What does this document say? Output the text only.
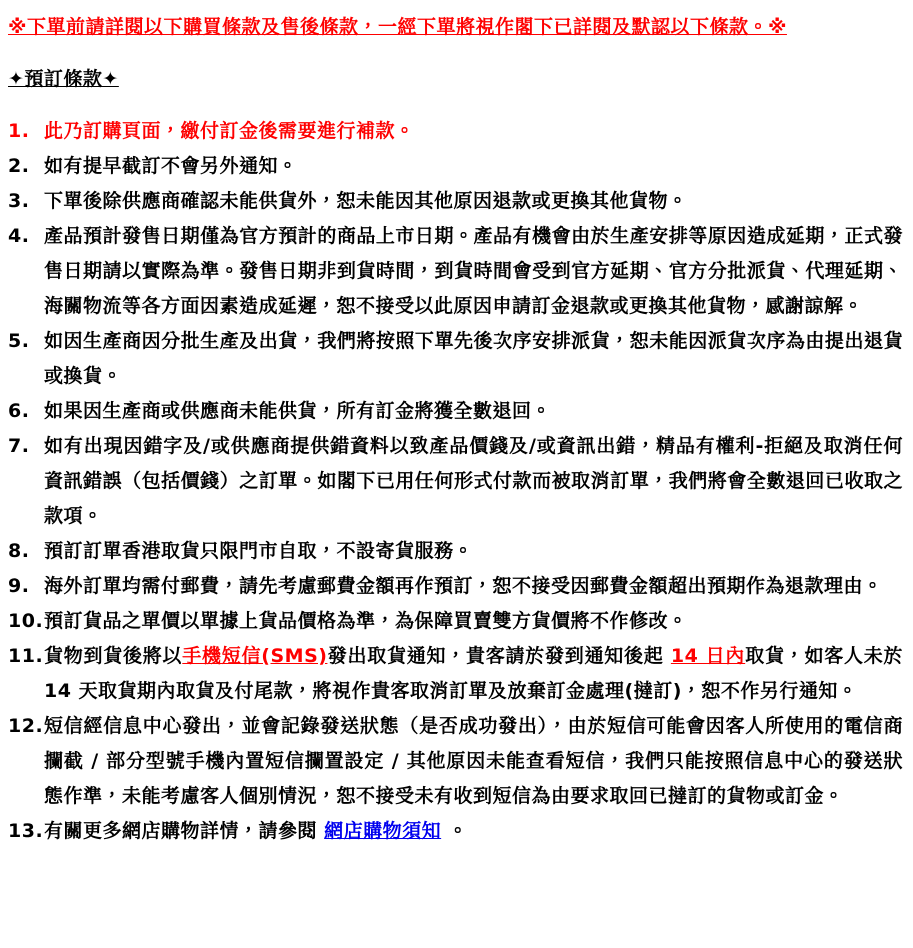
※下單前請詳閱以下購買條款及售後條款，一經下單將視作閣下已詳閱及默認以下條款。※
✦預訂條款✦
1. 此乃訂購頁面，繳付訂金後需要進行補款。
2. 如有提早截訂不會另外通知。
3. 下單後除供應商確認未能供貨外，恕未能因其他原因退款或更換其他貨物。
4. 產品預計發售日期僅為官方預計的商品上市日期。產品有機會由於生產安排等原因造成延期，正式發售日期請以實際為準。發售日期非到貨時間，到貨時間會受到官方延期、官方分批派貨、代理延期、海關物流等各方面因素造成延遲，恕不接受以此原因申請訂金退款或更換其他貨物，感謝諒解。
5. 如因生產商因分批生產及出貨，我們將按照下單先後次序安排派貨，恕未能因派貨次序為由提出退貨或換貨。
6. 如果因生產商或供應商未能供貨，所有訂金將獲全數退回。
7. 如有出現因錯字及/或供應商提供錯資料以致產品價錢及/或資訊出錯，精品有權利-拒絕及取消任何資訊錯誤（包括價錢）之訂單。如閣下已用任何形式付款而被取消訂單，我們將會全數退回已收取之款項。
8. 預訂訂單香港取貨只限門市自取，不設寄貨服務。
9. 海外訂單均需付郵費，請先考慮郵費金額再作預訂，恕不接受因郵費金額超出預期作為退款理由。
10. 預訂貨品之單價以單據上貨品價格為準，為保障買賣雙方貨價將不作修改。
11. 貨物到貨後將以手機短信(SMS)發出取貨通知，貴客請於發到通知後起 14 日內取貨，如客人未於 14 天取貨期內取貨及付尾款，將視作貴客取消訂單及放棄訂金處理(撻訂)，恕不作另行通知。
12. 短信經信息中心發出，並會記錄發送狀態（是否成功發出），由於短信可能會因客人所使用的電信商攔截 / 部分型號手機內置短信攔置設定 / 其他原因未能查看短信，我們只能按照信息中心的發送狀態作準，未能考慮客人個別情況，恕不接受未有收到短信為由要求取回已撻訂的貨物或訂金。
13. 有關更多網店購物詳情，請參閱 網店購物須知 。
